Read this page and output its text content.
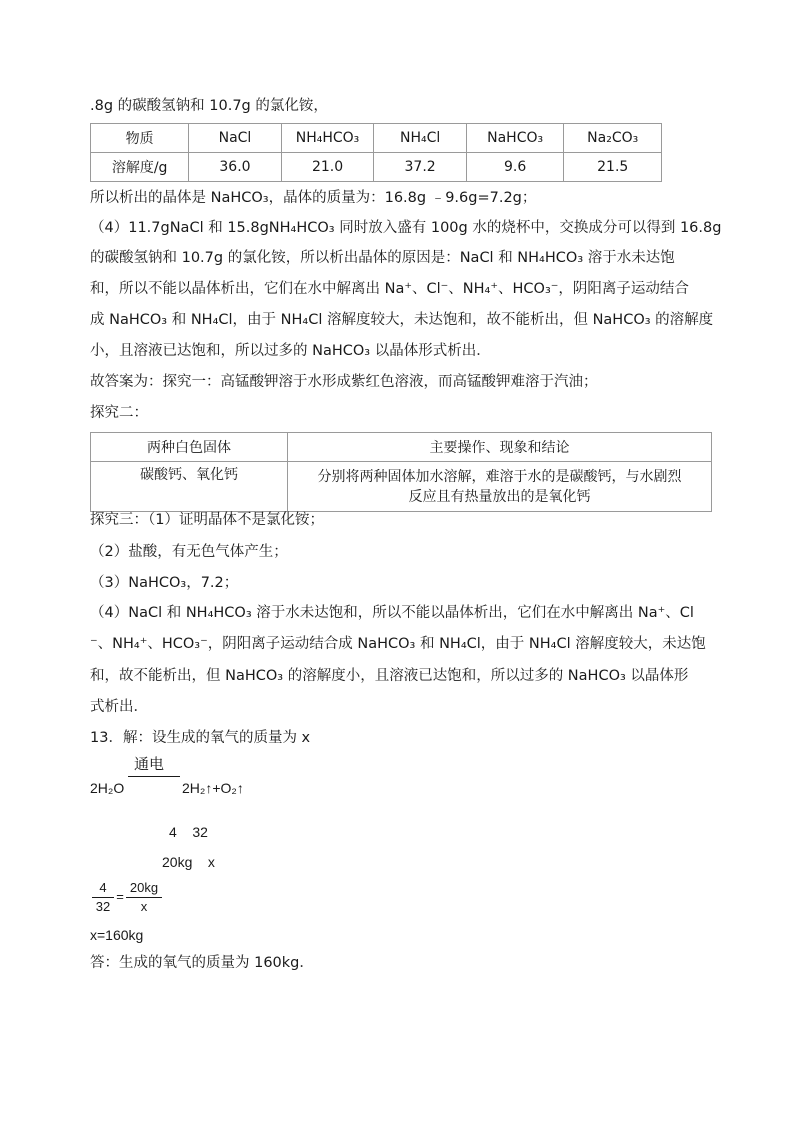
.8g 的碳酸氢钠和 10.7g 的氯化铵，
物质	NaCl	NH₄HCO₃	NH₄Cl	NaHCO₃	Na₂CO₃
溶解度/g	36.0	21.0	37.2	9.6	21.5
所以析出的晶体是 NaHCO₃，晶体的质量为：16.8g ﹣9.6g=7.2g；
（4）11.7gNaCl 和 15.8gNH₄HCO₃ 同时放入盛有 100g 水的烧杯中，交换成分可以得到 16.8g
的碳酸氢钠和 10.7g 的氯化铵，所以析出晶体的原因是：NaCl 和 NH₄HCO₃ 溶于水未达饱
和，所以不能以晶体析出，它们在水中解离出 Na⁺、Cl⁻、NH₄⁺、HCO₃⁻，阴阳离子运动结合
成 NaHCO₃ 和 NH₄Cl，由于 NH₄Cl 溶解度较大，未达饱和，故不能析出，但 NaHCO₃ 的溶解度
小，且溶液已达饱和，所以过多的 NaHCO₃ 以晶体形式析出．
故答案为：探究一：高锰酸钾溶于水形成紫红色溶液，而高锰酸钾难溶于汽油；
探究二：
两种白色固体	主要操作、现象和结论
碳酸钙、氧化钙	分别将两种固体加水溶解，难溶于水的是碳酸钙，与水剧烈
反应且有热量放出的是氧化钙
探究三：（1）证明晶体不是氯化铵；
（2）盐酸，有无色气体产生；
（3）NaHCO₃，7.2；
（4）NaCl 和 NH₄HCO₃ 溶于水未达饱和，所以不能以晶体析出，它们在水中解离出 Na⁺、Cl
⁻、NH₄⁺、HCO₃⁻，阴阳离子运动结合成 NaHCO₃ 和 NH₄Cl，由于 NH₄Cl 溶解度较大，未达饱
和，故不能析出，但 NaHCO₃ 的溶解度小，且溶液已达饱和，所以过多的 NaHCO₃ 以晶体形
式析出．
13．解：设生成的氧气的质量为 x
通电
2H₂O	2H₂↑+O₂↑
4    32
20kg    x
4
32
=
20kg
x
x=160kg
答：生成的氧气的质量为 160kg．
